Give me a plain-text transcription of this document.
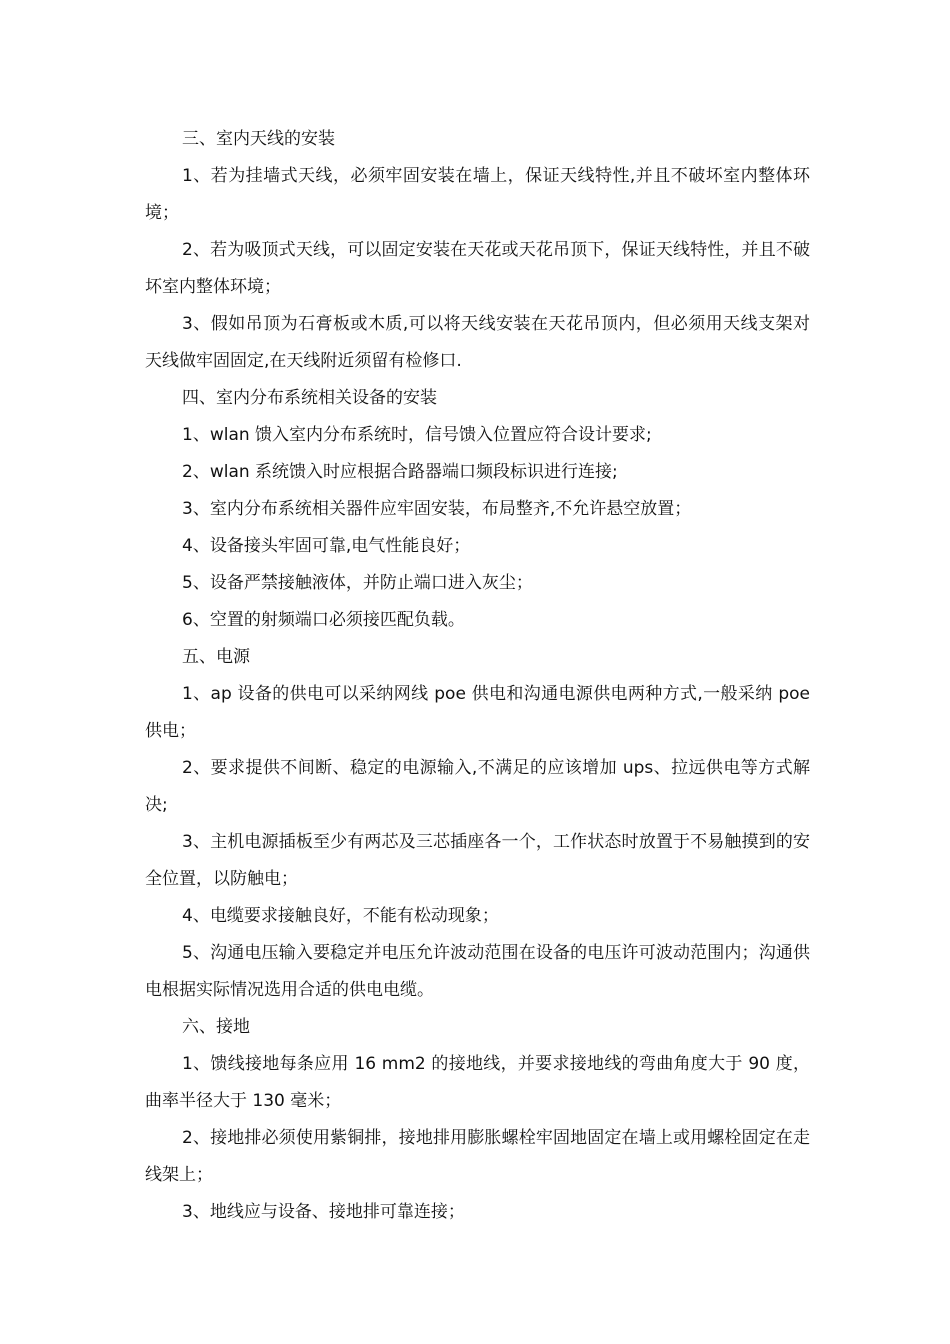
三、室内天线的安装

1、若为挂墙式天线，必须牢固安装在墙上，保证天线特性,并且不破坏室内整体环境；

2、若为吸顶式天线，可以固定安装在天花或天花吊顶下，保证天线特性，并且不破坏室内整体环境；

3、假如吊顶为石膏板或木质,可以将天线安装在天花吊顶内，但必须用天线支架对天线做牢固固定,在天线附近须留有检修口.

四、室内分布系统相关设备的安装

1、wlan 馈入室内分布系统时，信号馈入位置应符合设计要求;

2、wlan 系统馈入时应根据合路器端口频段标识进行连接;

3、室内分布系统相关器件应牢固安装，布局整齐,不允许悬空放置；

4、设备接头牢固可靠,电气性能良好；

5、设备严禁接触液体，并防止端口进入灰尘；

6、空置的射频端口必须接匹配负载。

五、电源

1、ap 设备的供电可以采纳网线 poe 供电和沟通电源供电两种方式,一般采纳 poe 供电；

2、要求提供不间断、稳定的电源输入,不满足的应该增加 ups、拉远供电等方式解决;

3、主机电源插板至少有两芯及三芯插座各一个，工作状态时放置于不易触摸到的安全位置，以防触电；

4、电缆要求接触良好，不能有松动现象；

5、沟通电压输入要稳定并电压允许波动范围在设备的电压许可波动范围内；沟通供电根据实际情况选用合适的供电电缆。

六、接地

1、馈线接地每条应用 16 mm2 的接地线，并要求接地线的弯曲角度大于 90 度，曲率半径大于 130 毫米；

2、接地排必须使用紫铜排，接地排用膨胀螺栓牢固地固定在墙上或用螺栓固定在走线架上；

3、地线应与设备、接地排可靠连接；
